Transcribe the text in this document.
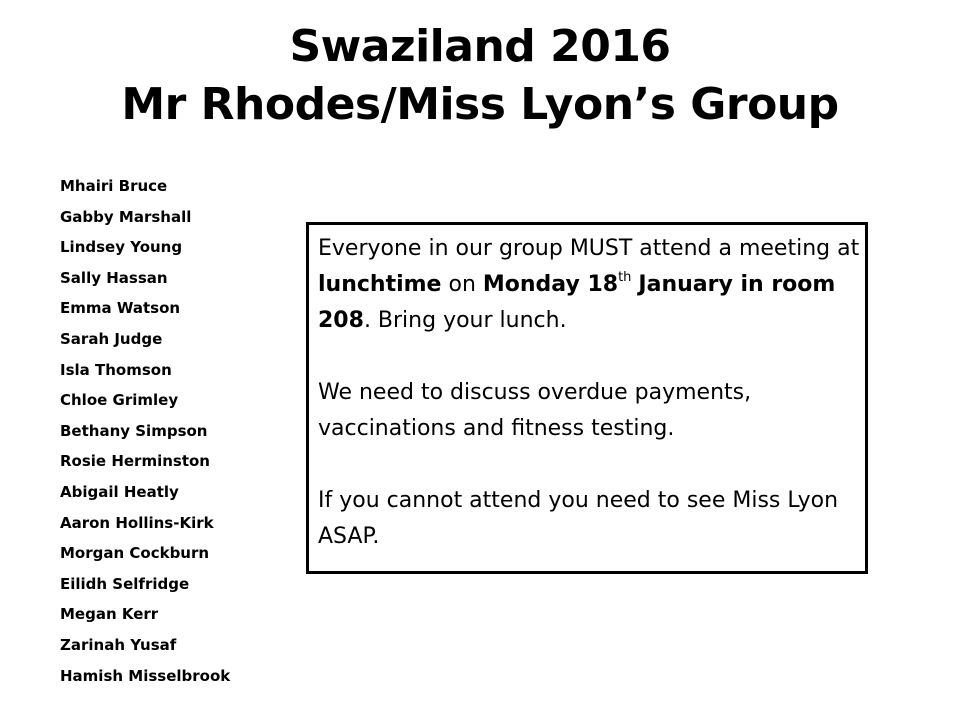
Swaziland 2016
Mr Rhodes/Miss Lyon’s Group
Mhairi Bruce
Gabby Marshall
Lindsey Young
Sally Hassan
Emma Watson
Sarah Judge
Isla Thomson
Chloe Grimley
Bethany Simpson
Rosie Herminston
Abigail Heatly
Aaron Hollins-Kirk
Morgan Cockburn
Eilidh Selfridge
Megan Kerr
Zarinah Yusaf
Hamish Misselbrook

Everyone in our group MUST attend a meeting at lunchtime on Monday 18th January in room 208. Bring your lunch.

We need to discuss overdue payments, vaccinations and fitness testing.

If you cannot attend you need to see Miss Lyon ASAP.
